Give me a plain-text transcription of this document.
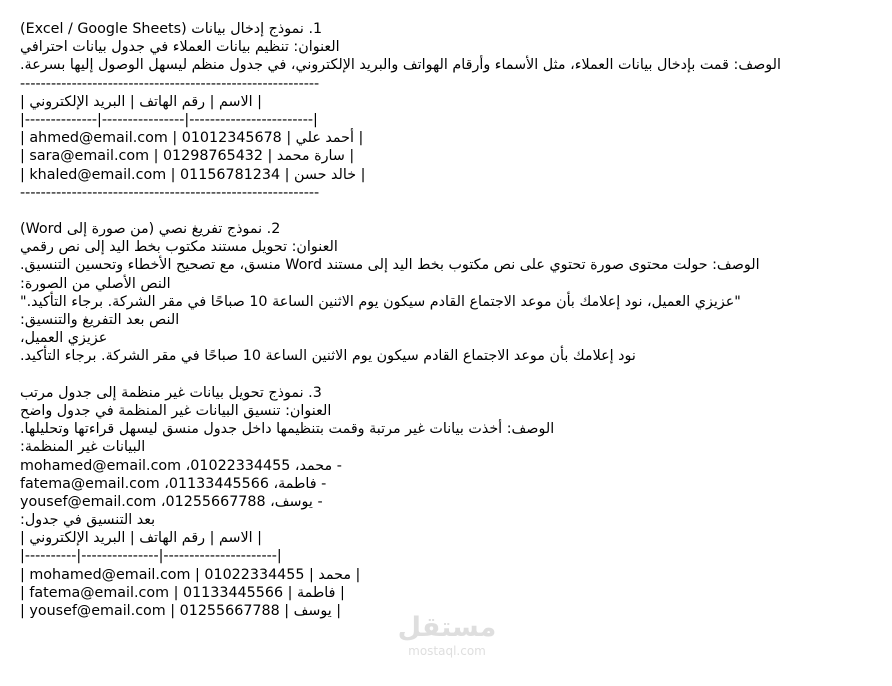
1. نموذج إدخال بيانات (Excel / Google Sheets)
العنوان: تنظيم بيانات العملاء في جدول بيانات احترافي
الوصف: قمت بإدخال بيانات العملاء، مثل الأسماء وأرقام الهواتف والبريد الإلكتروني، في جدول منظم ليسهل الوصول إليها بسرعة.
----------------------------------------------------------
| الاسم | رقم الهاتف | البريد الإلكتروني |
|--------------|----------------|------------------------|
| أحمد علي | 01012345678 | ahmed@email.com |
| سارة محمد | 01298765432 | sara@email.com |
| خالد حسن | 01156781234 | khaled@email.com |
----------------------------------------------------------
2. نموذج تفريغ نصي (من صورة إلى Word)
العنوان: تحويل مستند مكتوب بخط اليد إلى نص رقمي
الوصف: حولت محتوى صورة تحتوي على نص مكتوب بخط اليد إلى مستند Word منسق، مع تصحيح الأخطاء وتحسين التنسيق.
النص الأصلي من الصورة:
"عزيزي العميل، نود إعلامك بأن موعد الاجتماع القادم سيكون يوم الاثنين الساعة 10 صباحًا في مقر الشركة. برجاء التأكيد."
النص بعد التفريغ والتنسيق:
عزيزي العميل،
نود إعلامك بأن موعد الاجتماع القادم سيكون يوم الاثنين الساعة 10 صباحًا في مقر الشركة. برجاء التأكيد.
3. نموذج تحويل بيانات غير منظمة إلى جدول مرتب
العنوان: تنسيق البيانات غير المنظمة في جدول واضح
الوصف: أخذت بيانات غير مرتبة وقمت بتنظيمها داخل جدول منسق ليسهل قراءتها وتحليلها.
البيانات غير المنظمة:
- محمد، 01022334455، mohamed@email.com
- فاطمة، 01133445566، fatema@email.com
- يوسف، 01255667788، yousef@email.com
بعد التنسيق في جدول:
| الاسم | رقم الهاتف | البريد الإلكتروني |
|----------|---------------|----------------------|
| محمد | 01022334455 | mohamed@email.com |
| فاطمة | 01133445566 | fatema@email.com |
| يوسف | 01255667788 | yousef@email.com |
مستقل
mostaql.com
